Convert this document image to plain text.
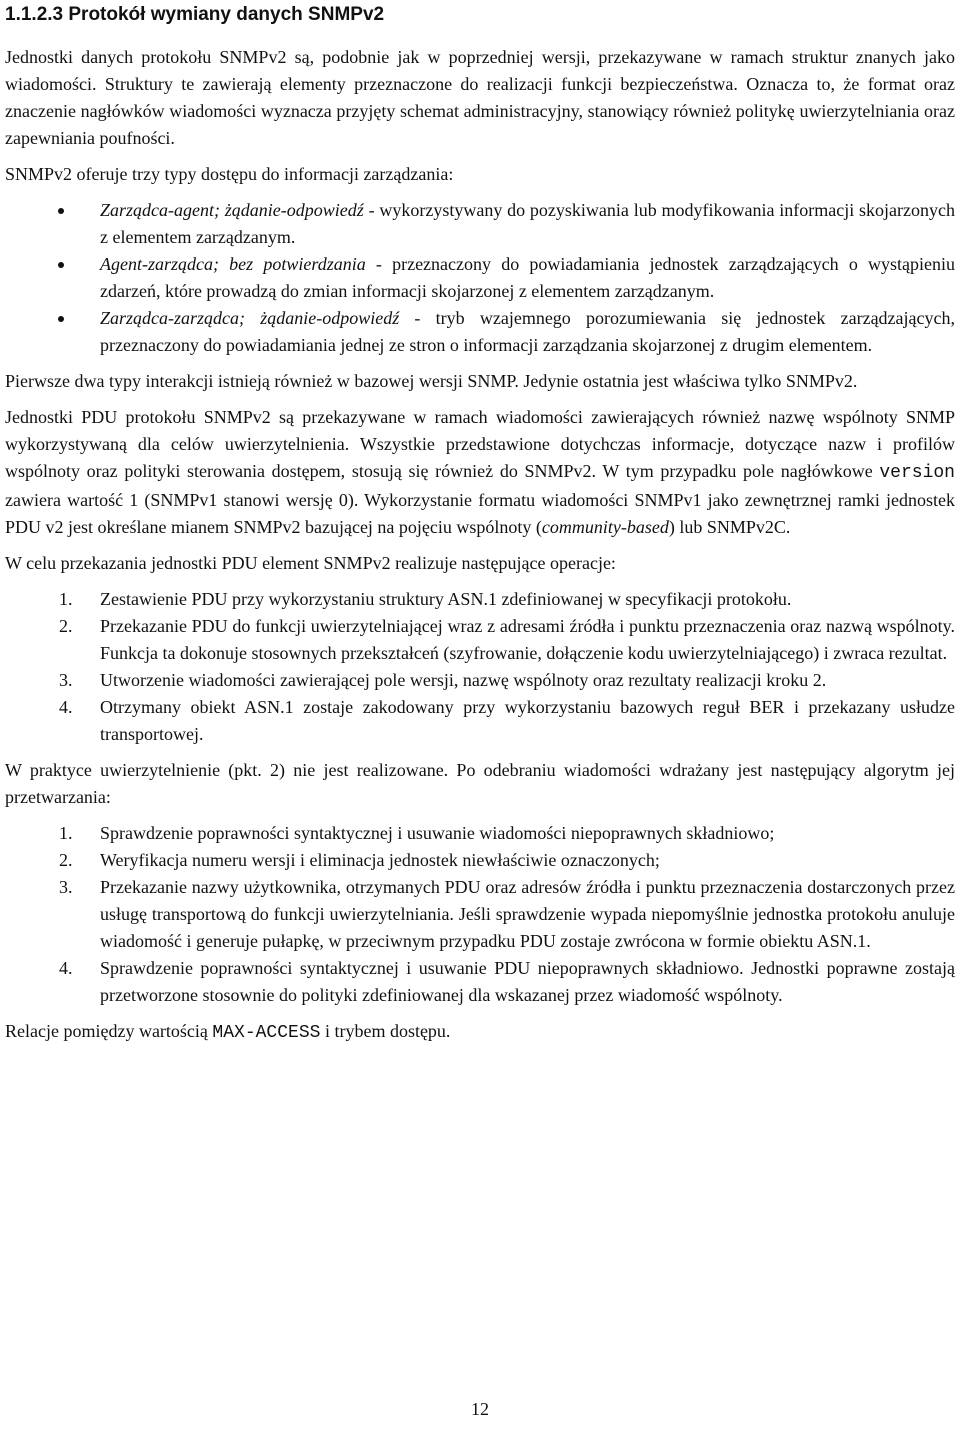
1.1.2.3 Protokół wymiany danych SNMPv2

Jednostki danych protokołu SNMPv2 są, podobnie jak w poprzedniej wersji, przekazywane w ramach struktur znanych jako wiadomości. Struktury te zawierają elementy przeznaczone do realizacji funkcji bezpieczeństwa. Oznacza to, że format oraz znaczenie nagłówków wiadomości wyznacza przyjęty schemat administracyjny, stanowiący również politykę uwierzytelniania oraz zapewniania poufności.

SNMPv2 oferuje trzy typy dostępu do informacji zarządzania:

Zarządca-agent; żądanie-odpowiedź - wykorzystywany do pozyskiwania lub modyfikowania informacji skojarzonych z elementem zarządzanym.
Agent-zarządca; bez potwierdzania - przeznaczony do powiadamiania jednostek zarządzających o wystąpieniu zdarzeń, które prowadzą do zmian informacji skojarzonej z elementem zarządzanym.
Zarządca-zarządca; żądanie-odpowiedź - tryb wzajemnego porozumiewania się jednostek zarządzających, przeznaczony do powiadamiania jednej ze stron o informacji zarządzania skojarzonej z drugim elementem.

Pierwsze dwa typy interakcji istnieją również w bazowej wersji SNMP. Jedynie ostatnia jest właściwa tylko SNMPv2.

Jednostki PDU protokołu SNMPv2 są przekazywane w ramach wiadomości zawierających również nazwę wspólnoty SNMP wykorzystywaną dla celów uwierzytelnienia. Wszystkie przedstawione dotychczas informacje, dotyczące nazw i profilów wspólnoty oraz polityki sterowania dostępem, stosują się również do SNMPv2. W tym przypadku pole nagłówkowe version zawiera wartość 1 (SNMPv1 stanowi wersję 0). Wykorzystanie formatu wiadomości SNMPv1 jako zewnętrznej ramki jednostek PDU v2 jest określane mianem SNMPv2 bazującej na pojęciu wspólnoty (community-based) lub SNMPv2C.

W celu przekazania jednostki PDU element SNMPv2 realizuje następujące operacje:

1. Zestawienie PDU przy wykorzystaniu struktury ASN.1 zdefiniowanej w specyfikacji protokołu.
2. Przekazanie PDU do funkcji uwierzytelniającej wraz z adresami źródła i punktu przeznaczenia oraz nazwą wspólnoty. Funkcja ta dokonuje stosownych przekształceń (szyfrowanie, dołączenie kodu uwierzytelniającego) i zwraca rezultat.
3. Utworzenie wiadomości zawierającej pole wersji, nazwę wspólnoty oraz rezultaty realizacji kroku 2.
4. Otrzymany obiekt ASN.1 zostaje zakodowany przy wykorzystaniu bazowych reguł BER i przekazany usłudze transportowej.

W praktyce uwierzytelnienie (pkt. 2) nie jest realizowane. Po odebraniu wiadomości wdrażany jest następujący algorytm jej przetwarzania:

1. Sprawdzenie poprawności syntaktycznej i usuwanie wiadomości niepoprawnych składniowo;
2. Weryfikacja numeru wersji i eliminacja jednostek niewłaściwie oznaczonych;
3. Przekazanie nazwy użytkownika, otrzymanych PDU oraz adresów źródła i punktu przeznaczenia dostarczonych przez usługę transportową do funkcji uwierzytelniania. Jeśli sprawdzenie wypada niepomyślnie jednostka protokołu anuluje wiadomość i generuje pułapkę, w przeciwnym przypadku PDU zostaje zwrócona w formie obiektu ASN.1.
4. Sprawdzenie poprawności syntaktycznej i usuwanie PDU niepoprawnych składniowo. Jednostki poprawne zostają przetworzone stosownie do polityki zdefiniowanej dla wskazanej przez wiadomość wspólnoty.

Relacje pomiędzy wartością MAX-ACCESS i trybem dostępu.

12
